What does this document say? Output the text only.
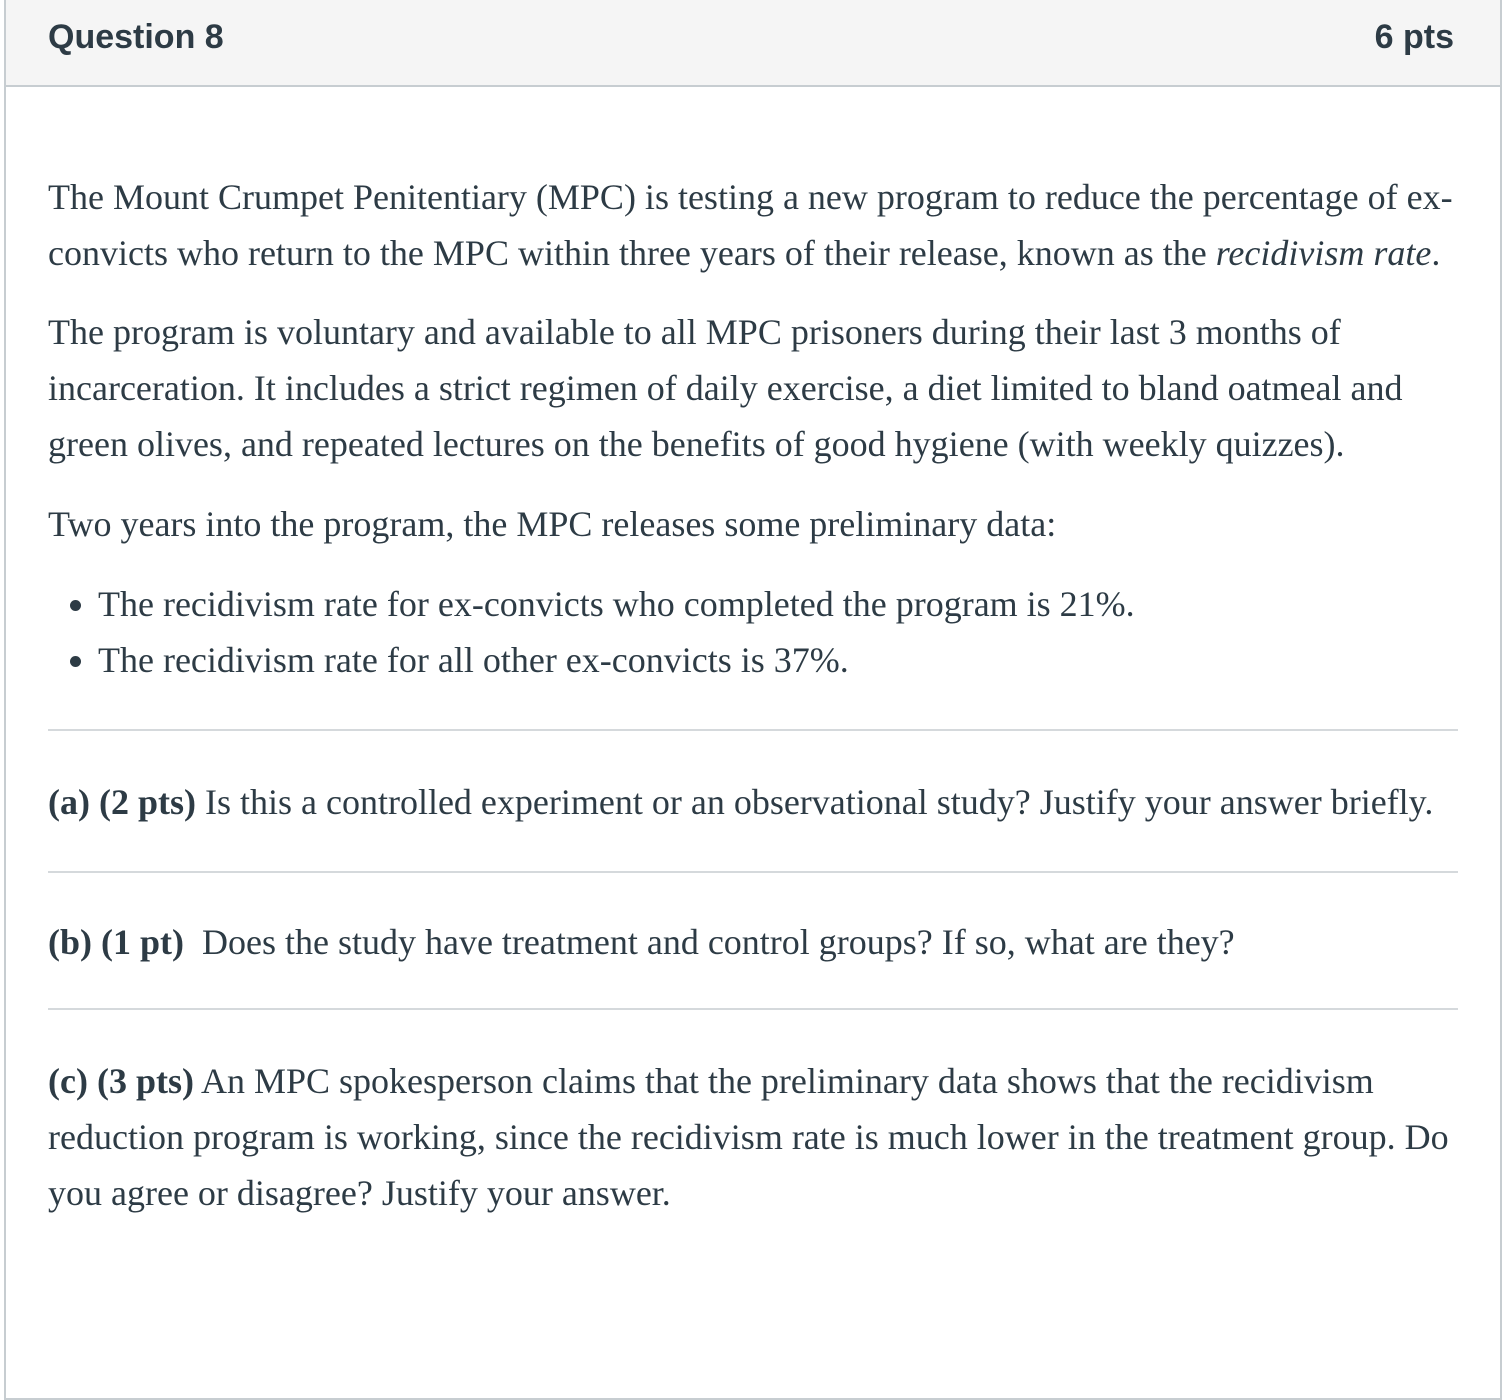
Question 8	6 pts

The Mount Crumpet Penitentiary (MPC) is testing a new program to reduce the percentage of ex-convicts who return to the MPC within three years of their release, known as the recidivism rate.

The program is voluntary and available to all MPC prisoners during their last 3 months of incarceration. It includes a strict regimen of daily exercise, a diet limited to bland oatmeal and green olives, and repeated lectures on the benefits of good hygiene (with weekly quizzes).

Two years into the program, the MPC releases some preliminary data:

• The recidivism rate for ex-convicts who completed the program is 21%.
• The recidivism rate for all other ex-convicts is 37%.

(a) (2 pts) Is this a controlled experiment or an observational study? Justify your answer briefly.

(b) (1 pt)  Does the study have treatment and control groups? If so, what are they?

(c) (3 pts) An MPC spokesperson claims that the preliminary data shows that the recidivism reduction program is working, since the recidivism rate is much lower in the treatment group. Do you agree or disagree? Justify your answer.
